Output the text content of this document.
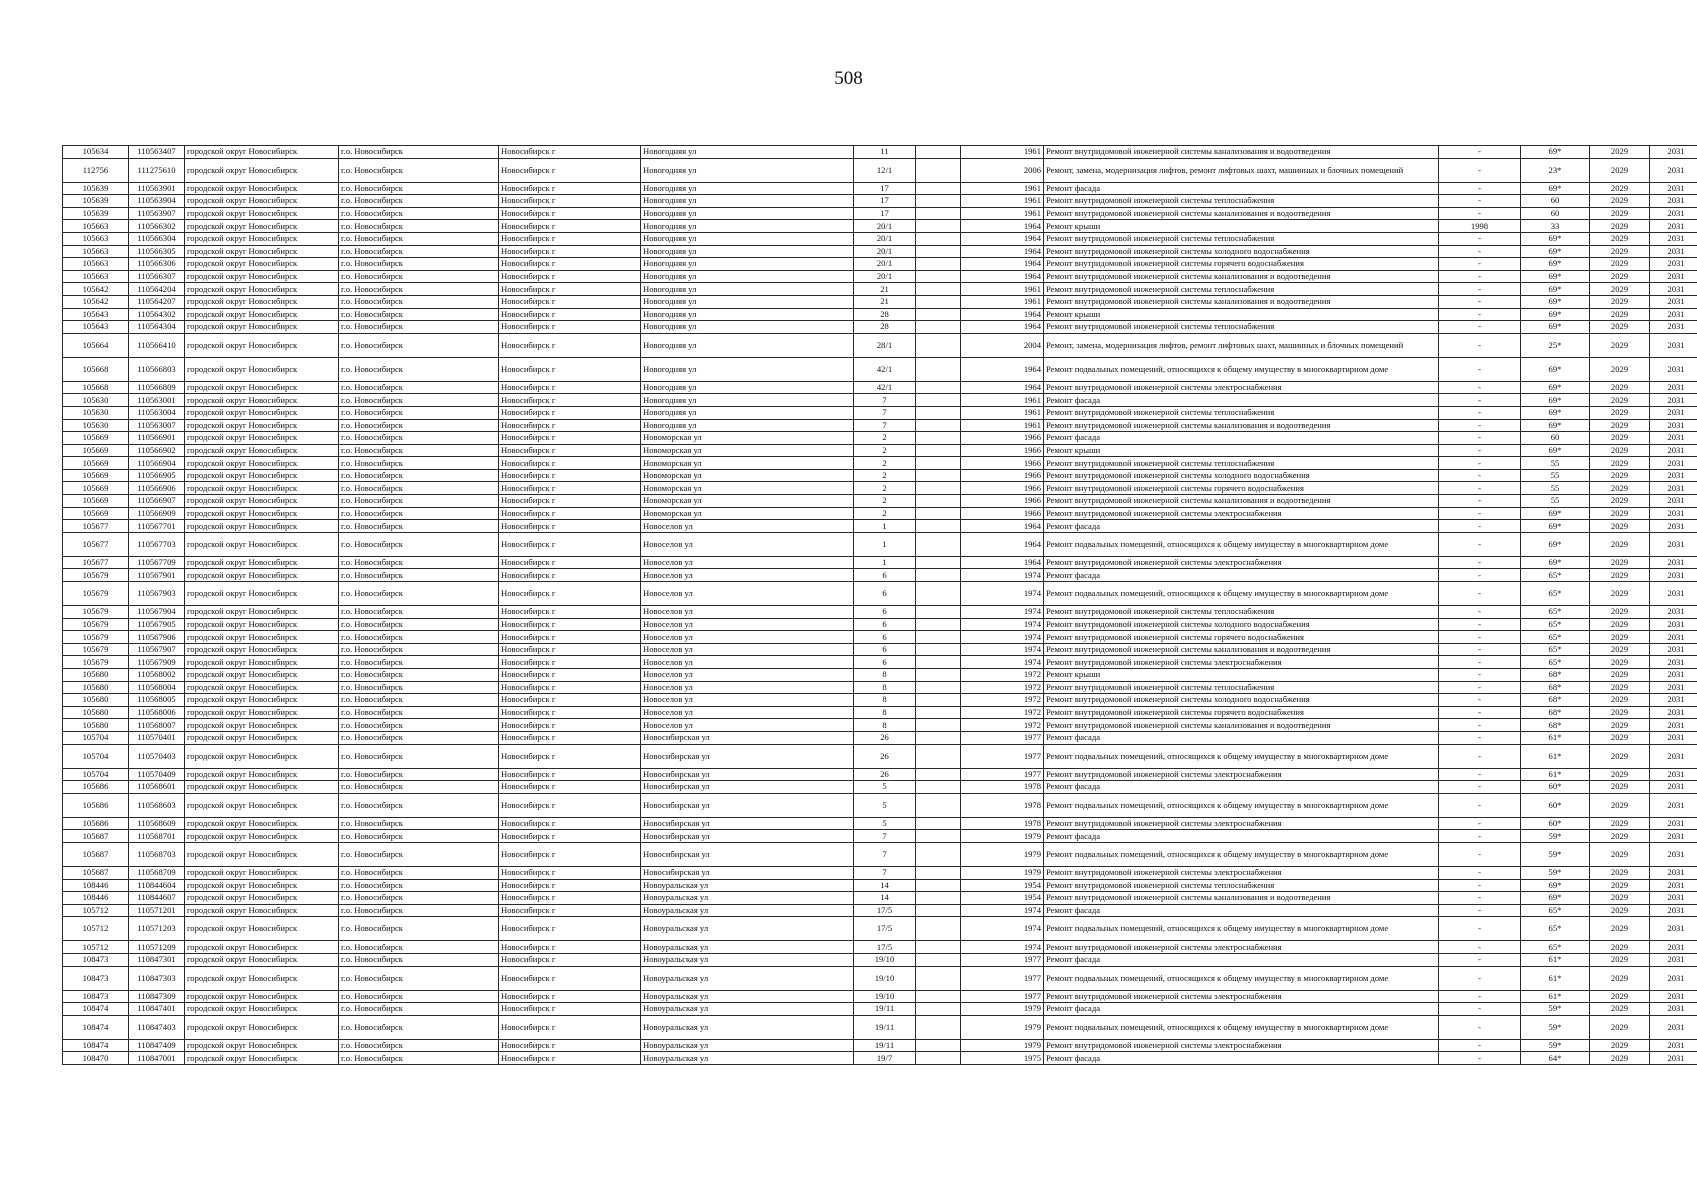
508
105634	110563407	городской округ Новосибирск	г.о. Новосибирск	Новосибирск г	Новогодняя ул	11		1961	Ремонт внутридомовой инженерной системы канализования и водоотведения	-	69*	2029	2031
112756	111275610	городской округ Новосибирск	г.о. Новосибирск	Новосибирск г	Новогодняя ул	12/1		2006	Ремонт, замена, модернизация лифтов, ремонт лифтовых шахт, машинных и блочных помещений	-	23*	2029	2031
105639	110563901	городской округ Новосибирск	г.о. Новосибирск	Новосибирск г	Новогодняя ул	17		1961	Ремонт фасада	-	69*	2029	2031
105639	110563904	городской округ Новосибирск	г.о. Новосибирск	Новосибирск г	Новогодняя ул	17		1961	Ремонт внутридомовой инженерной системы теплоснабжения	-	60	2029	2031
105639	110563907	городской округ Новосибирск	г.о. Новосибирск	Новосибирск г	Новогодняя ул	17		1961	Ремонт внутридомовой инженерной системы канализования и водоотведения	-	60	2029	2031
105663	110566302	городской округ Новосибирск	г.о. Новосибирск	Новосибирск г	Новогодняя ул	20/1		1964	Ремонт крыши	1998	33	2029	2031
105663	110566304	городской округ Новосибирск	г.о. Новосибирск	Новосибирск г	Новогодняя ул	20/1		1964	Ремонт внутридомовой инженерной системы теплоснабжения	-	69*	2029	2031
105663	110566305	городской округ Новосибирск	г.о. Новосибирск	Новосибирск г	Новогодняя ул	20/1		1964	Ремонт внутридомовой инженерной системы холодного водоснабжения	-	69*	2029	2031
105663	110566306	городской округ Новосибирск	г.о. Новосибирск	Новосибирск г	Новогодняя ул	20/1		1964	Ремонт внутридомовой инженерной системы горячего водоснабжения	-	69*	2029	2031
105663	110566307	городской округ Новосибирск	г.о. Новосибирск	Новосибирск г	Новогодняя ул	20/1		1964	Ремонт внутридомовой инженерной системы канализования и водоотведения	-	69*	2029	2031
105642	110564204	городской округ Новосибирск	г.о. Новосибирск	Новосибирск г	Новогодняя ул	21		1961	Ремонт внутридомовой инженерной системы теплоснабжения	-	69*	2029	2031
105642	110564207	городской округ Новосибирск	г.о. Новосибирск	Новосибирск г	Новогодняя ул	21		1961	Ремонт внутридомовой инженерной системы канализования и водоотведения	-	69*	2029	2031
105643	110564302	городской округ Новосибирск	г.о. Новосибирск	Новосибирск г	Новогодняя ул	28		1964	Ремонт крыши	-	69*	2029	2031
105643	110564304	городской округ Новосибирск	г.о. Новосибирск	Новосибирск г	Новогодняя ул	28		1964	Ремонт внутридомовой инженерной системы теплоснабжения	-	69*	2029	2031
105664	110566410	городской округ Новосибирск	г.о. Новосибирск	Новосибирск г	Новогодняя ул	28/1		2004	Ремонт, замена, модернизация лифтов, ремонт лифтовых шахт, машинных и блочных помещений	-	25*	2029	2031
105668	110566803	городской округ Новосибирск	г.о. Новосибирск	Новосибирск г	Новогодняя ул	42/1		1964	Ремонт подвальных помещений, относящихся к общему имуществу в многоквартирном доме	-	69*	2029	2031
105668	110566809	городской округ Новосибирск	г.о. Новосибирск	Новосибирск г	Новогодняя ул	42/1		1964	Ремонт внутридомовой инженерной системы электроснабжения	-	69*	2029	2031
105630	110563001	городской округ Новосибирск	г.о. Новосибирск	Новосибирск г	Новогодняя ул	7		1961	Ремонт фасада	-	69*	2029	2031
105630	110563004	городской округ Новосибирск	г.о. Новосибирск	Новосибирск г	Новогодняя ул	7		1961	Ремонт внутридомовой инженерной системы теплоснабжения	-	69*	2029	2031
105630	110563007	городской округ Новосибирск	г.о. Новосибирск	Новосибирск г	Новогодняя ул	7		1961	Ремонт внутридомовой инженерной системы канализования и водоотведения	-	69*	2029	2031
105669	110566901	городской округ Новосибирск	г.о. Новосибирск	Новосибирск г	Новоморская ул	2		1966	Ремонт фасада	-	60	2029	2031
105669	110566902	городской округ Новосибирск	г.о. Новосибирск	Новосибирск г	Новоморская ул	2		1966	Ремонт крыши	-	69*	2029	2031
105669	110566904	городской округ Новосибирск	г.о. Новосибирск	Новосибирск г	Новоморская ул	2		1966	Ремонт внутридомовой инженерной системы теплоснабжения	-	55	2029	2031
105669	110566905	городской округ Новосибирск	г.о. Новосибирск	Новосибирск г	Новоморская ул	2		1966	Ремонт внутридомовой инженерной системы холодного водоснабжения	-	55	2029	2031
105669	110566906	городской округ Новосибирск	г.о. Новосибирск	Новосибирск г	Новоморская ул	2		1966	Ремонт внутридомовой инженерной системы горячего водоснабжения	-	55	2029	2031
105669	110566907	городской округ Новосибирск	г.о. Новосибирск	Новосибирск г	Новоморская ул	2		1966	Ремонт внутридомовой инженерной системы канализования и водоотведения	-	55	2029	2031
105669	110566909	городской округ Новосибирск	г.о. Новосибирск	Новосибирск г	Новоморская ул	2		1966	Ремонт внутридомовой инженерной системы электроснабжения	-	69*	2029	2031
105677	110567701	городской округ Новосибирск	г.о. Новосибирск	Новосибирск г	Новоселов ул	1		1964	Ремонт фасада	-	69*	2029	2031
105677	110567703	городской округ Новосибирск	г.о. Новосибирск	Новосибирск г	Новоселов ул	1		1964	Ремонт подвальных помещений, относящихся к общему имуществу в многоквартирном доме	-	69*	2029	2031
105677	110567709	городской округ Новосибирск	г.о. Новосибирск	Новосибирск г	Новоселов ул	1		1964	Ремонт внутридомовой инженерной системы электроснабжения	-	69*	2029	2031
105679	110567901	городской округ Новосибирск	г.о. Новосибирск	Новосибирск г	Новоселов ул	6		1974	Ремонт фасада	-	65*	2029	2031
105679	110567903	городской округ Новосибирск	г.о. Новосибирск	Новосибирск г	Новоселов ул	6		1974	Ремонт подвальных помещений, относящихся к общему имуществу в многоквартирном доме	-	65*	2029	2031
105679	110567904	городской округ Новосибирск	г.о. Новосибирск	Новосибирск г	Новоселов ул	6		1974	Ремонт внутридомовой инженерной системы теплоснабжения	-	65*	2029	2031
105679	110567905	городской округ Новосибирск	г.о. Новосибирск	Новосибирск г	Новоселов ул	6		1974	Ремонт внутридомовой инженерной системы холодного водоснабжения	-	65*	2029	2031
105679	110567906	городской округ Новосибирск	г.о. Новосибирск	Новосибирск г	Новоселов ул	6		1974	Ремонт внутридомовой инженерной системы горячего водоснабжения	-	65*	2029	2031
105679	110567907	городской округ Новосибирск	г.о. Новосибирск	Новосибирск г	Новоселов ул	6		1974	Ремонт внутридомовой инженерной системы канализования и водоотведения	-	65*	2029	2031
105679	110567909	городской округ Новосибирск	г.о. Новосибирск	Новосибирск г	Новоселов ул	6		1974	Ремонт внутридомовой инженерной системы электроснабжения	-	65*	2029	2031
105680	110568002	городской округ Новосибирск	г.о. Новосибирск	Новосибирск г	Новоселов ул	8		1972	Ремонт крыши	-	68*	2029	2031
105680	110568004	городской округ Новосибирск	г.о. Новосибирск	Новосибирск г	Новоселов ул	8		1972	Ремонт внутридомовой инженерной системы теплоснабжения	-	68*	2029	2031
105680	110568005	городской округ Новосибирск	г.о. Новосибирск	Новосибирск г	Новоселов ул	8		1972	Ремонт внутридомовой инженерной системы холодного водоснабжения	-	68*	2029	2031
105680	110568006	городской округ Новосибирск	г.о. Новосибирск	Новосибирск г	Новоселов ул	8		1972	Ремонт внутридомовой инженерной системы горячего водоснабжения	-	68*	2029	2031
105680	110568007	городской округ Новосибирск	г.о. Новосибирск	Новосибирск г	Новоселов ул	8		1972	Ремонт внутридомовой инженерной системы канализования и водоотведения	-	68*	2029	2031
105704	110570401	городской округ Новосибирск	г.о. Новосибирск	Новосибирск г	Новосибирская ул	26		1977	Ремонт фасада	-	61*	2029	2031
105704	110570403	городской округ Новосибирск	г.о. Новосибирск	Новосибирск г	Новосибирская ул	26		1977	Ремонт подвальных помещений, относящихся к общему имуществу в многоквартирном доме	-	61*	2029	2031
105704	110570409	городской округ Новосибирск	г.о. Новосибирск	Новосибирск г	Новосибирская ул	26		1977	Ремонт внутридомовой инженерной системы электроснабжения	-	61*	2029	2031
105686	110568601	городской округ Новосибирск	г.о. Новосибирск	Новосибирск г	Новосибирская ул	5		1978	Ремонт фасада	-	60*	2029	2031
105686	110568603	городской округ Новосибирск	г.о. Новосибирск	Новосибирск г	Новосибирская ул	5		1978	Ремонт подвальных помещений, относящихся к общему имуществу в многоквартирном доме	-	60*	2029	2031
105686	110568609	городской округ Новосибирск	г.о. Новосибирск	Новосибирск г	Новосибирская ул	5		1978	Ремонт внутридомовой инженерной системы электроснабжения	-	60*	2029	2031
105687	110568701	городской округ Новосибирск	г.о. Новосибирск	Новосибирск г	Новосибирская ул	7		1979	Ремонт фасада	-	59*	2029	2031
105687	110568703	городской округ Новосибирск	г.о. Новосибирск	Новосибирск г	Новосибирская ул	7		1979	Ремонт подвальных помещений, относящихся к общему имуществу в многоквартирном доме	-	59*	2029	2031
105687	110568709	городской округ Новосибирск	г.о. Новосибирск	Новосибирск г	Новосибирская ул	7		1979	Ремонт внутридомовой инженерной системы электроснабжения	-	59*	2029	2031
108446	110844604	городской округ Новосибирск	г.о. Новосибирск	Новосибирск г	Новоуральская ул	14		1954	Ремонт внутридомовой инженерной системы теплоснабжения	-	69*	2029	2031
108446	110844607	городской округ Новосибирск	г.о. Новосибирск	Новосибирск г	Новоуральская ул	14		1954	Ремонт внутридомовой инженерной системы канализования и водоотведения	-	69*	2029	2031
105712	110571201	городской округ Новосибирск	г.о. Новосибирск	Новосибирск г	Новоуральская ул	17/5		1974	Ремонт фасада	-	65*	2029	2031
105712	110571203	городской округ Новосибирск	г.о. Новосибирск	Новосибирск г	Новоуральская ул	17/5		1974	Ремонт подвальных помещений, относящихся к общему имуществу в многоквартирном доме	-	65*	2029	2031
105712	110571209	городской округ Новосибирск	г.о. Новосибирск	Новосибирск г	Новоуральская ул	17/5		1974	Ремонт внутридомовой инженерной системы электроснабжения	-	65*	2029	2031
108473	110847301	городской округ Новосибирск	г.о. Новосибирск	Новосибирск г	Новоуральская ул	19/10		1977	Ремонт фасада	-	61*	2029	2031
108473	110847303	городской округ Новосибирск	г.о. Новосибирск	Новосибирск г	Новоуральская ул	19/10		1977	Ремонт подвальных помещений, относящихся к общему имуществу в многоквартирном доме	-	61*	2029	2031
108473	110847309	городской округ Новосибирск	г.о. Новосибирск	Новосибирск г	Новоуральская ул	19/10		1977	Ремонт внутридомовой инженерной системы электроснабжения	-	61*	2029	2031
108474	110847401	городской округ Новосибирск	г.о. Новосибирск	Новосибирск г	Новоуральская ул	19/11		1979	Ремонт фасада	-	59*	2029	2031
108474	110847403	городской округ Новосибирск	г.о. Новосибирск	Новосибирск г	Новоуральская ул	19/11		1979	Ремонт подвальных помещений, относящихся к общему имуществу в многоквартирном доме	-	59*	2029	2031
108474	110847409	городской округ Новосибирск	г.о. Новосибирск	Новосибирск г	Новоуральская ул	19/11		1979	Ремонт внутридомовой инженерной системы электроснабжения	-	59*	2029	2031
108470	110847001	городской округ Новосибирск	г.о. Новосибирск	Новосибирск г	Новоуральская ул	19/7		1975	Ремонт фасада	-	64*	2029	2031
